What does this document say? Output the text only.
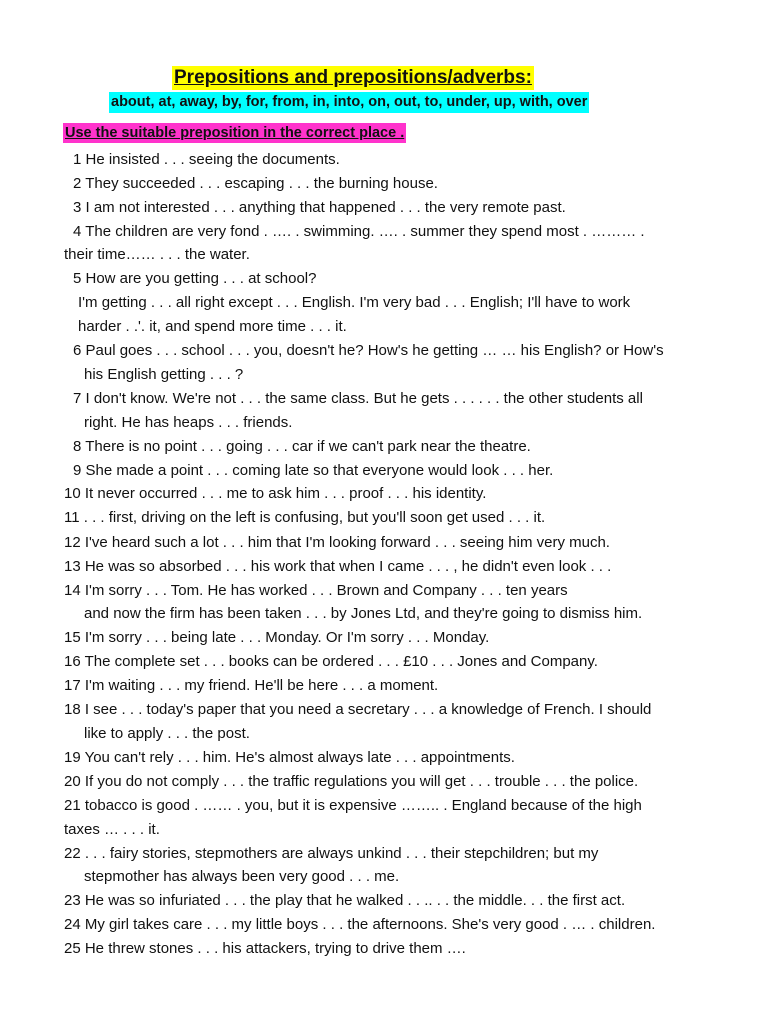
Prepositions and prepositions/adverbs:
about, at, away, by, for, from, in, into, on, out, to, under, up, with, over
Use the suitable preposition in the correct place .
1 He insisted . . . seeing the documents.
2 They succeeded . . . escaping . . . the burning house.
3 I am not interested . . . anything that happened . . . the very remote past.
4 The children are very fond . …. . swimming. …. . summer they spend most . ……… .
their time…… . . . the water.
5 How are you getting . . . at school?
I'm getting . . . all right except . . . English. I'm very bad . . . English; I'll have to work
harder . .'. it, and spend more time . . . it.
6 Paul goes . . . school . . . you, doesn't he? How's he getting … … his English? or How's
his English getting . . . ?
7 I don't know. We're not . . . the same class. But he gets . . . . . . the other students all
right. He has heaps . . . friends.
8 There is no point . . . going . . . car if we can't park near the theatre.
9 She made a point . . . coming late so that everyone would look . . . her.
10 It never occurred . . . me to ask him . . . proof . . . his identity.
11 . . . first, driving on the left is confusing, but you'll soon get used . . . it.
12 I've heard such a lot . . . him that I'm looking forward . . . seeing him very much.
13 He was so absorbed . . . his work that when I came . . . , he didn't even look . . .
14 I'm sorry . . . Tom. He has worked . . . Brown and Company . . . ten years
and now the firm has been taken . . . by Jones Ltd, and they're going to dismiss him.
15 I'm sorry . . . being late . . . Monday. Or I'm sorry . . . Monday.
16 The complete set . . . books can be ordered . . . £10 . . . Jones and Company.
17 I'm waiting . . . my friend. He'll be here . . . a moment.
18 I see . . . today's paper that you need a secretary . . . a knowledge of French. I should
like to apply . . . the post.
19 You can't rely . . . him. He's almost always late . . . appointments.
20 If you do not comply . . . the traffic regulations you will get . . . trouble . . . the police.
21 tobacco is good . …… . you, but it is expensive …….. . England because of the high
taxes … . . . it.
22 . . . fairy stories, stepmothers are always unkind . . . their stepchildren; but my
stepmother has always been very good . . . me.
23 He was so infuriated . . . the play that he walked . . .. . . the middle. . . the first act.
24 My girl takes care . . . my little boys . . . the afternoons. She's very good . … . children.
25 He threw stones . . . his attackers, trying to drive them ….
